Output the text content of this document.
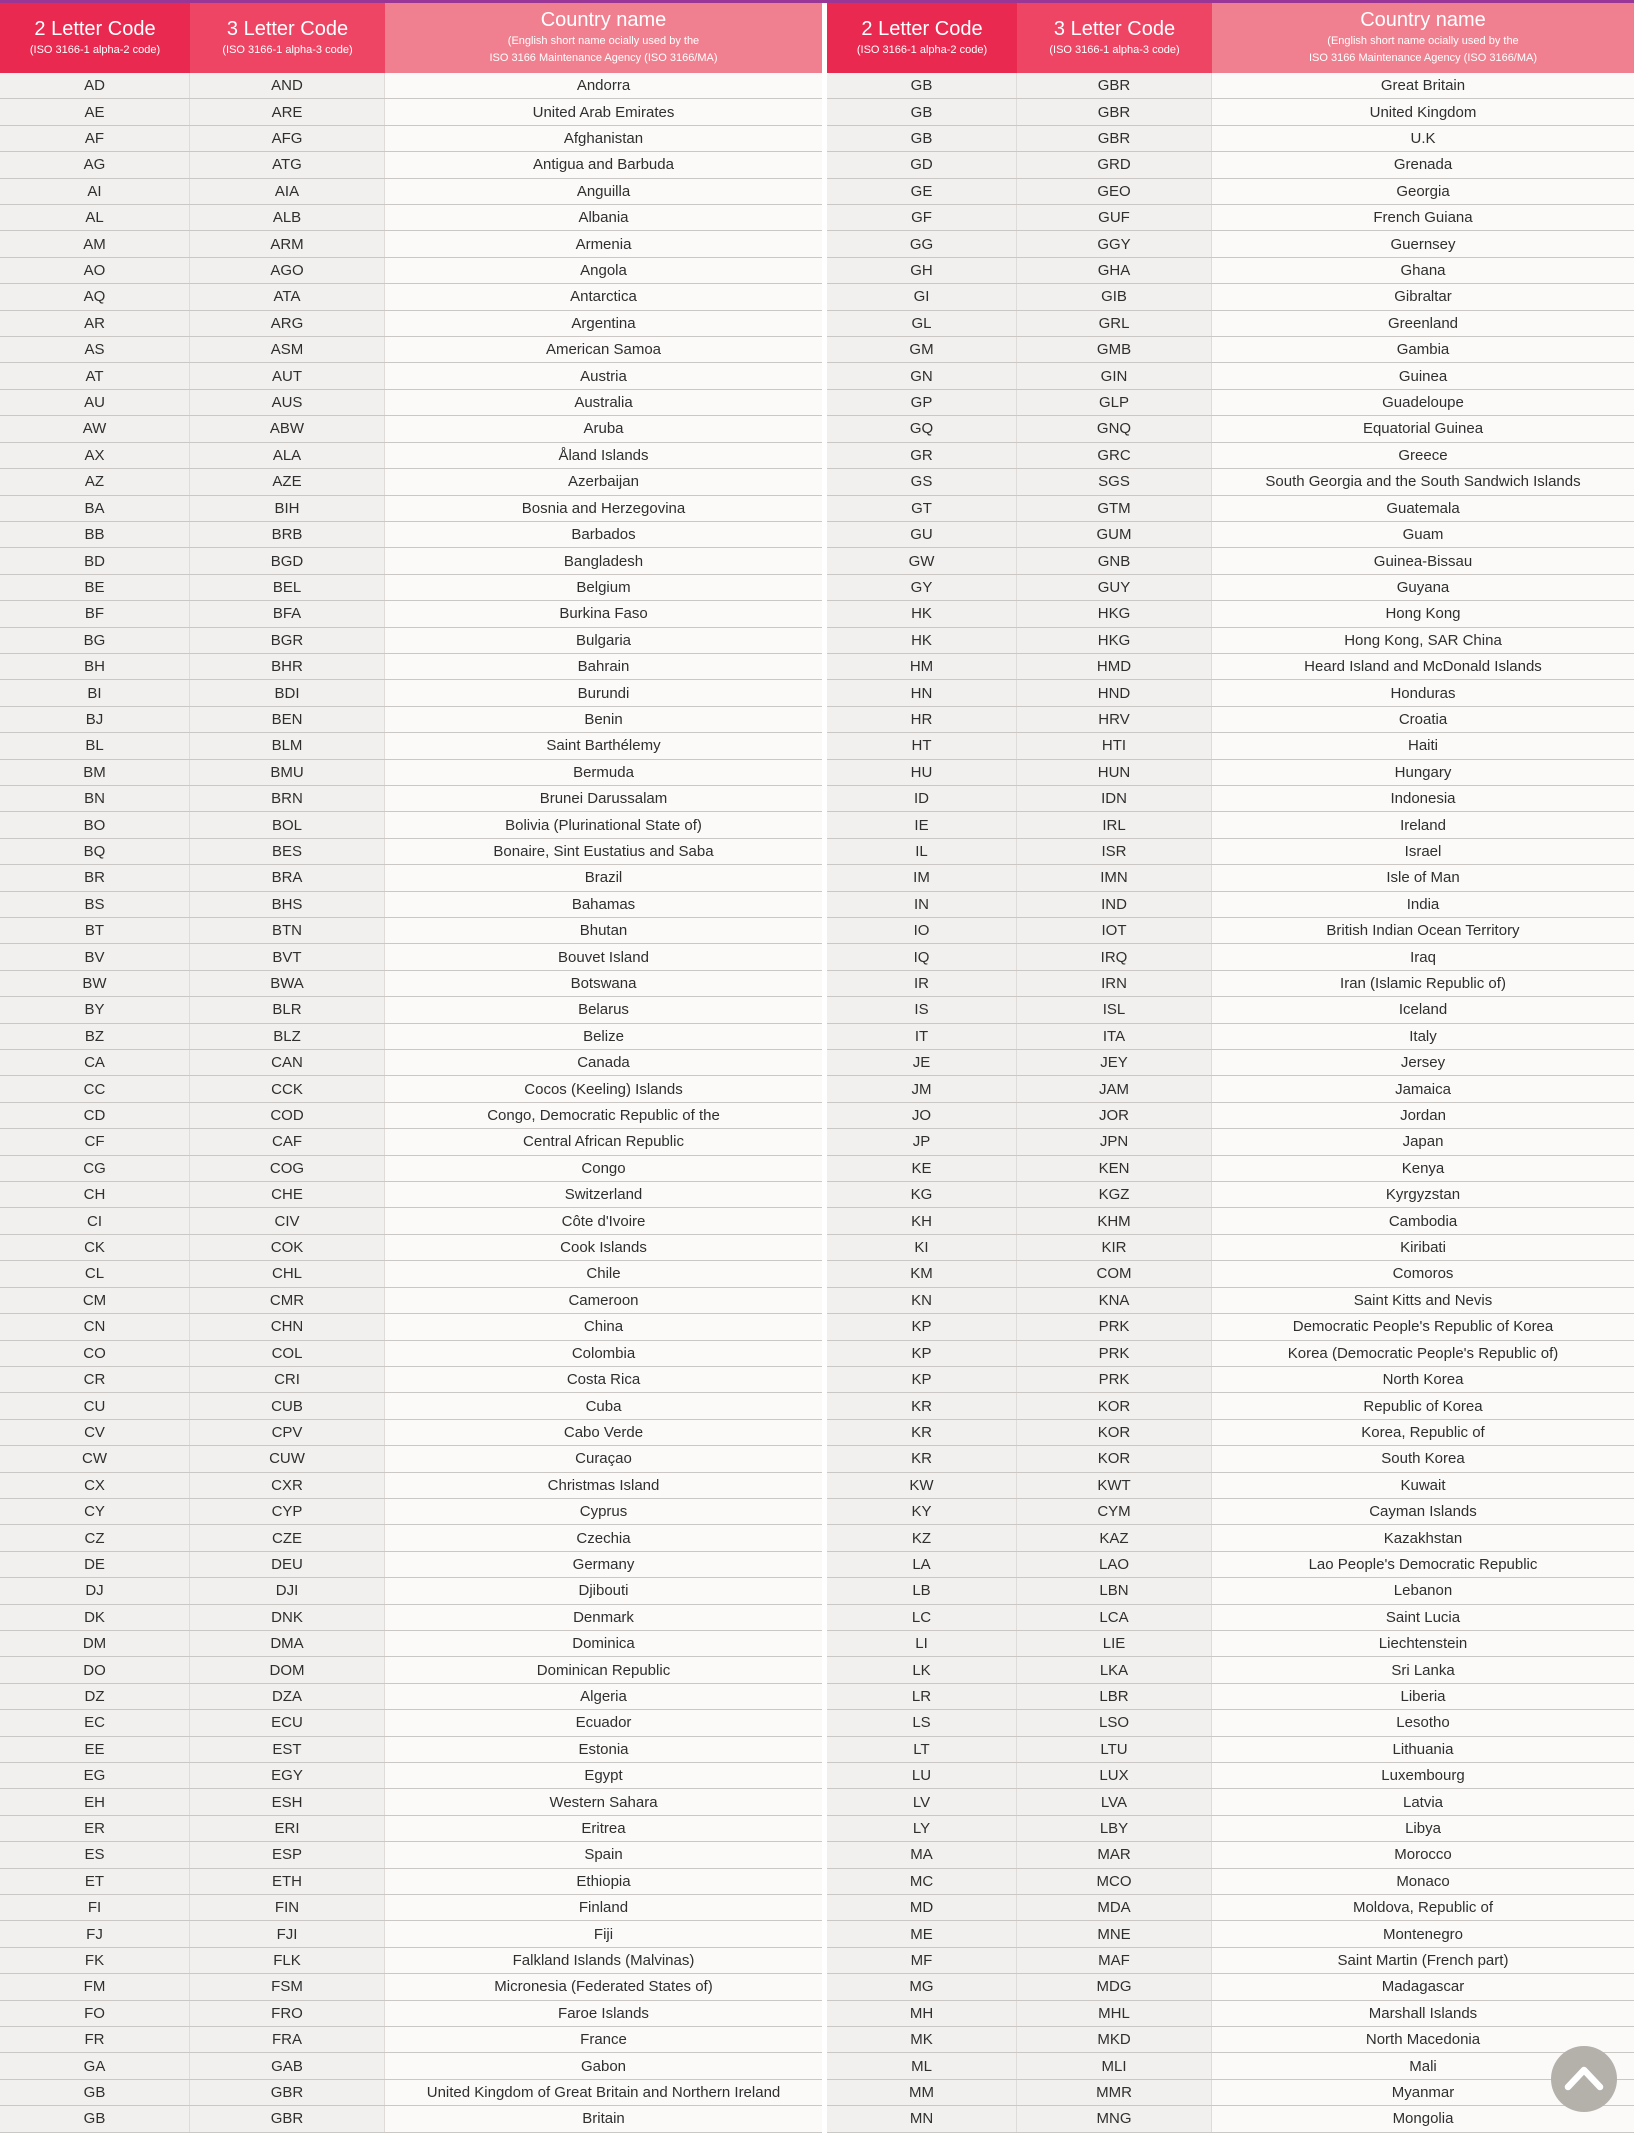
2 Letter Code
(ISO 3166-1 alpha-2 code)
3 Letter Code
(ISO 3166-1 alpha-3 code)
Country name
(English short name ocially used by the
ISO 3166 Maintenance Agency (ISO 3166/MA)
AD	AND	Andorra
AE	ARE	United Arab Emirates
AF	AFG	Afghanistan
AG	ATG	Antigua and Barbuda
AI	AIA	Anguilla
AL	ALB	Albania
AM	ARM	Armenia
AO	AGO	Angola
AQ	ATA	Antarctica
AR	ARG	Argentina
AS	ASM	American Samoa
AT	AUT	Austria
AU	AUS	Australia
AW	ABW	Aruba
AX	ALA	Åland Islands
AZ	AZE	Azerbaijan
BA	BIH	Bosnia and Herzegovina
BB	BRB	Barbados
BD	BGD	Bangladesh
BE	BEL	Belgium
BF	BFA	Burkina Faso
BG	BGR	Bulgaria
BH	BHR	Bahrain
BI	BDI	Burundi
BJ	BEN	Benin
BL	BLM	Saint Barthélemy
BM	BMU	Bermuda
BN	BRN	Brunei Darussalam
BO	BOL	Bolivia (Plurinational State of)
BQ	BES	Bonaire, Sint Eustatius and Saba
BR	BRA	Brazil
BS	BHS	Bahamas
BT	BTN	Bhutan
BV	BVT	Bouvet Island
BW	BWA	Botswana
BY	BLR	Belarus
BZ	BLZ	Belize
CA	CAN	Canada
CC	CCK	Cocos (Keeling) Islands
CD	COD	Congo, Democratic Republic of the
CF	CAF	Central African Republic
CG	COG	Congo
CH	CHE	Switzerland
CI	CIV	Côte d'Ivoire
CK	COK	Cook Islands
CL	CHL	Chile
CM	CMR	Cameroon
CN	CHN	China
CO	COL	Colombia
CR	CRI	Costa Rica
CU	CUB	Cuba
CV	CPV	Cabo Verde
CW	CUW	Curaçao
CX	CXR	Christmas Island
CY	CYP	Cyprus
CZ	CZE	Czechia
DE	DEU	Germany
DJ	DJI	Djibouti
DK	DNK	Denmark
DM	DMA	Dominica
DO	DOM	Dominican Republic
DZ	DZA	Algeria
EC	ECU	Ecuador
EE	EST	Estonia
EG	EGY	Egypt
EH	ESH	Western Sahara
ER	ERI	Eritrea
ES	ESP	Spain
ET	ETH	Ethiopia
FI	FIN	Finland
FJ	FJI	Fiji
FK	FLK	Falkland Islands (Malvinas)
FM	FSM	Micronesia (Federated States of)
FO	FRO	Faroe Islands
FR	FRA	France
GA	GAB	Gabon
GB	GBR	United Kingdom of Great Britain and Northern Ireland
GB	GBR	Britain
2 Letter Code
(ISO 3166-1 alpha-2 code)
3 Letter Code
(ISO 3166-1 alpha-3 code)
Country name
(English short name ocially used by the
ISO 3166 Maintenance Agency (ISO 3166/MA)
GB	GBR	Great Britain
GB	GBR	United Kingdom
GB	GBR	U.K
GD	GRD	Grenada
GE	GEO	Georgia
GF	GUF	French Guiana
GG	GGY	Guernsey
GH	GHA	Ghana
GI	GIB	Gibraltar
GL	GRL	Greenland
GM	GMB	Gambia
GN	GIN	Guinea
GP	GLP	Guadeloupe
GQ	GNQ	Equatorial Guinea
GR	GRC	Greece
GS	SGS	South Georgia and the South Sandwich Islands
GT	GTM	Guatemala
GU	GUM	Guam
GW	GNB	Guinea-Bissau
GY	GUY	Guyana
HK	HKG	Hong Kong
HK	HKG	Hong Kong, SAR China
HM	HMD	Heard Island and McDonald Islands
HN	HND	Honduras
HR	HRV	Croatia
HT	HTI	Haiti
HU	HUN	Hungary
ID	IDN	Indonesia
IE	IRL	Ireland
IL	ISR	Israel
IM	IMN	Isle of Man
IN	IND	India
IO	IOT	British Indian Ocean Territory
IQ	IRQ	Iraq
IR	IRN	Iran (Islamic Republic of)
IS	ISL	Iceland
IT	ITA	Italy
JE	JEY	Jersey
JM	JAM	Jamaica
JO	JOR	Jordan
JP	JPN	Japan
KE	KEN	Kenya
KG	KGZ	Kyrgyzstan
KH	KHM	Cambodia
KI	KIR	Kiribati
KM	COM	Comoros
KN	KNA	Saint Kitts and Nevis
KP	PRK	Democratic People's Republic of Korea
KP	PRK	Korea (Democratic People's Republic of)
KP	PRK	North Korea
KR	KOR	Republic of Korea
KR	KOR	Korea, Republic of
KR	KOR	South Korea
KW	KWT	Kuwait
KY	CYM	Cayman Islands
KZ	KAZ	Kazakhstan
LA	LAO	Lao People's Democratic Republic
LB	LBN	Lebanon
LC	LCA	Saint Lucia
LI	LIE	Liechtenstein
LK	LKA	Sri Lanka
LR	LBR	Liberia
LS	LSO	Lesotho
LT	LTU	Lithuania
LU	LUX	Luxembourg
LV	LVA	Latvia
LY	LBY	Libya
MA	MAR	Morocco
MC	MCO	Monaco
MD	MDA	Moldova, Republic of
ME	MNE	Montenegro
MF	MAF	Saint Martin (French part)
MG	MDG	Madagascar
MH	MHL	Marshall Islands
MK	MKD	North Macedonia
ML	MLI	Mali
MM	MMR	Myanmar
MN	MNG	Mongolia
